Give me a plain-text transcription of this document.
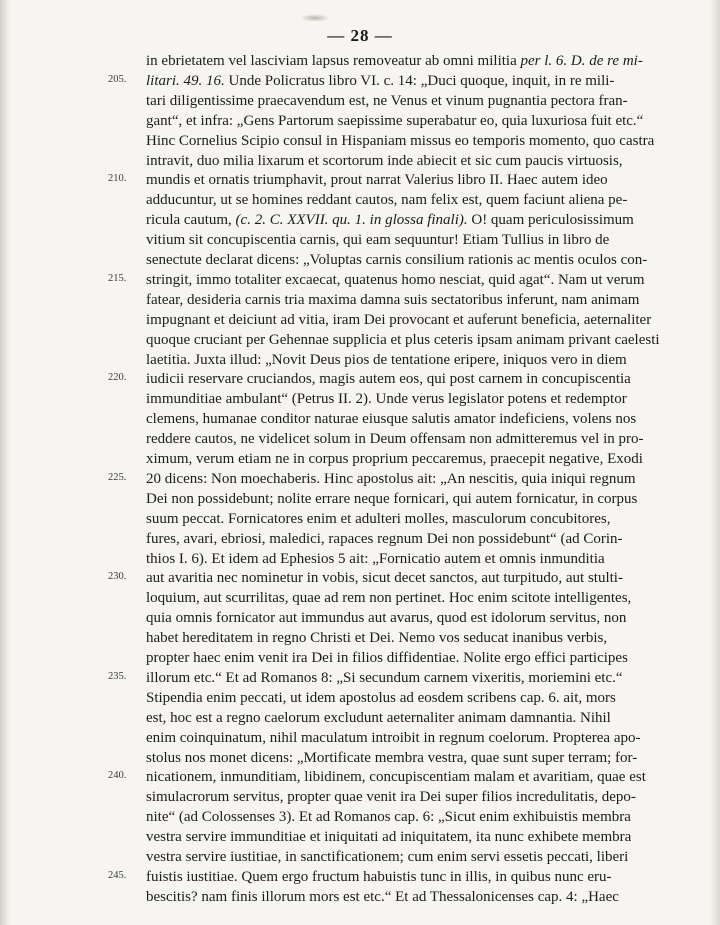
— 28 —
in ebrietatem vel lasciviam lapsus removeatur ab omni militia per l. 6. D. de re mi-
205.	litari. 49. 16. Unde Policratus libro VI. c. 14: „Duci quoque, inquit, in re mili-
tari diligentissime praecavendum est, ne Venus et vinum pugnantia pectora fran-
gant“, et infra: „Gens Partorum saepissime superabatur eo, quia luxuriosa fuit etc.“
Hinc Cornelius Scipio consul in Hispaniam missus eo temporis momento, quo castra
intravit, duo milia lixarum et scortorum inde abiecit et sic cum paucis virtuosis,
210.	mundis et ornatis triumphavit, prout narrat Valerius libro II. Haec autem ideo
adducuntur, ut se homines reddant cautos, nam felix est, quem faciunt aliena pe-
ricula cautum, (c. 2. C. XXVII. qu. 1. in glossa finali). O! quam periculosissimum
vitium sit concupiscentia carnis, qui eam sequuntur! Etiam Tullius in libro de
senectute declarat dicens: „Voluptas carnis consilium rationis ac mentis oculos con-
215.	stringit, immo totaliter excaecat, quatenus homo nesciat, quid agat“. Nam ut verum
fatear, desideria carnis tria maxima damna suis sectatoribus inferunt, nam animam
impugnant et deiciunt ad vitia, iram Dei provocant et auferunt beneficia, aeternaliter
quoque cruciant per Gehennae supplicia et plus ceteris ipsam animam privant caelesti
laetitia. Juxta illud: „Novit Deus pios de tentatione eripere, iniquos vero in diem
220.	iudicii reservare cruciandos, magis autem eos, qui post carnem in concupiscentia
immunditiae ambulant“ (Petrus II. 2). Unde verus legislator potens et redemptor
clemens, humanae conditor naturae eiusque salutis amator indeficiens, volens nos
reddere cautos, ne videlicet solum in Deum offensam non admitteremus vel in pro-
ximum, verum etiam ne in corpus proprium peccaremus, praecepit negative, Exodi
225.	20 dicens: Non moechaberis. Hinc apostolus ait: „An nescitis, quia iniqui regnum
Dei non possidebunt; nolite errare neque fornicari, qui autem fornicatur, in corpus
suum peccat. Fornicatores enim et adulteri molles, masculorum concubitores,
fures, avari, ebriosi, maledici, rapaces regnum Dei non possidebunt“ (ad Corin-
thios I. 6). Et idem ad Ephesios 5 ait: „Fornicatio autem et omnis inmunditia
230.	aut avaritia nec nominetur in vobis, sicut decet sanctos, aut turpitudo, aut stulti-
loquium, aut scurrilitas, quae ad rem non pertinet. Hoc enim scitote intelligentes,
quia omnis fornicator aut immundus aut avarus, quod est idolorum servitus, non
habet hereditatem in regno Christi et Dei. Nemo vos seducat inanibus verbis,
propter haec enim venit ira Dei in filios diffidentiae. Nolite ergo effici participes
235.	illorum etc.“ Et ad Romanos 8: „Si secundum carnem vixeritis, moriemini etc.“
Stipendia enim peccati, ut idem apostolus ad eosdem scribens cap. 6. ait, mors
est, hoc est a regno caelorum excludunt aeternaliter animam damnantia. Nihil
enim coinquinatum, nihil maculatum introibit in regnum coelorum. Propterea apo-
stolus nos monet dicens: „Mortificate membra vestra, quae sunt super terram; for-
240.	nicationem, inmunditiam, libidinem, concupiscentiam malam et avaritiam, quae est
simulacrorum servitus, propter quae venit ira Dei super filios incredulitatis, depo-
nite“ (ad Colossenses 3). Et ad Romanos cap. 6: „Sicut enim exhibuistis membra
vestra servire immunditiae et iniquitati ad iniquitatem, ita nunc exhibete membra
vestra servire iustitiae, in sanctificationem; cum enim servi essetis peccati, liberi
245.	fuistis iustitiae. Quem ergo fructum habuistis tunc in illis, in quibus nunc eru-
bescitis? nam finis illorum mors est etc.“ Et ad Thessalonicenses cap. 4: „Haec
